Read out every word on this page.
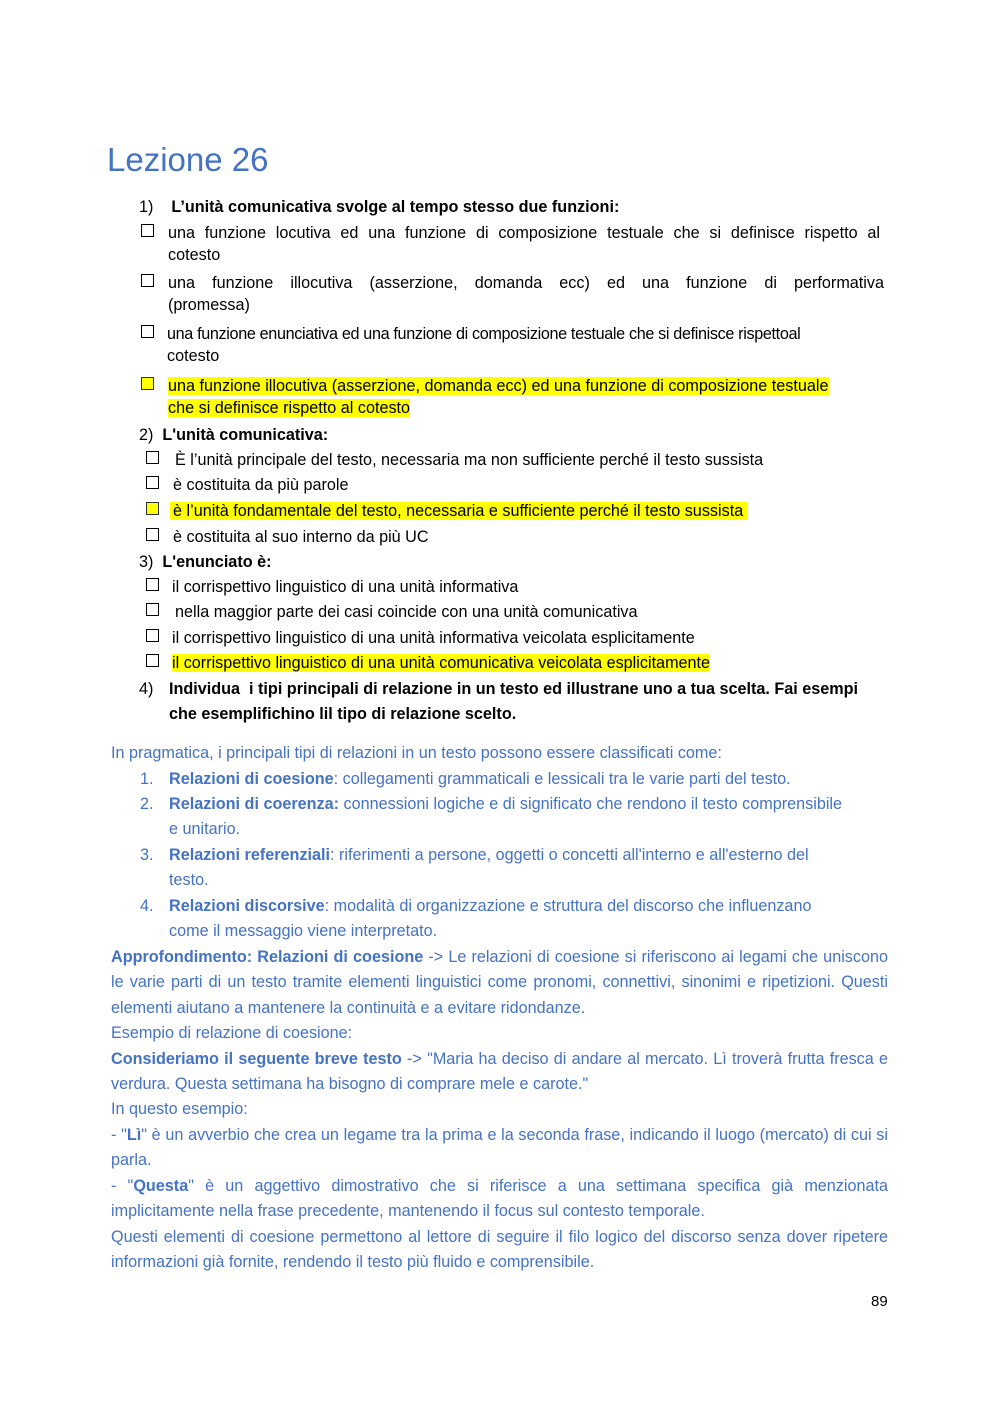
Lezione 26
1) L’unità comunicativa svolge al tempo stesso due funzioni:
una funzione locutiva ed una funzione di composizione testuale che si definisce rispetto al
cotesto
una funzione illocutiva (asserzione, domanda ecc) ed una funzione di performativa
(promessa)
una funzione enunciativa ed una funzione di composizione testuale che si definisce rispettoal
cotesto
una funzione illocutiva (asserzione, domanda ecc) ed una funzione di composizione testuale
che si definisce rispetto al cotesto
2) L'unità comunicativa:
È l’unità principale del testo, necessaria ma non sufficiente perché il testo sussista
è costituita da più parole
è l’unità fondamentale del testo, necessaria e sufficiente perché il testo sussista
è costituita al suo interno da più UC
3) L'enunciato è:
il corrispettivo linguistico di una unità informativa
nella maggior parte dei casi coincide con una unità comunicativa
il corrispettivo linguistico di una unità informativa veicolata esplicitamente
il corrispettivo linguistico di una unità comunicativa veicolata esplicitamente
4) Individua  i tipi principali di relazione in un testo ed illustrane uno a tua scelta. Fai esempi
che esemplifichino lil tipo di relazione scelto.
In pragmatica, i principali tipi di relazioni in un testo possono essere classificati come:
1. Relazioni di coesione: collegamenti grammaticali e lessicali tra le varie parti del testo.
2. Relazioni di coerenza: connessioni logiche e di significato che rendono il testo comprensibile
e unitario.
3. Relazioni referenziali: riferimenti a persone, oggetti o concetti all'interno e all'esterno del
testo.
4. Relazioni discorsive: modalità di organizzazione e struttura del discorso che influenzano
come il messaggio viene interpretato.
Approfondimento: Relazioni di coesione -> Le relazioni di coesione si riferiscono ai legami che uniscono le varie parti di un testo tramite elementi linguistici come pronomi, connettivi, sinonimi e ripetizioni. Questi elementi aiutano a mantenere la continuità e a evitare ridondanze.
Esempio di relazione di coesione:
Consideriamo il seguente breve testo -> "Maria ha deciso di andare al mercato. Lì troverà frutta fresca e verdura. Questa settimana ha bisogno di comprare mele e carote."
In questo esempio:
- "Lì" è un avverbio che crea un legame tra la prima e la seconda frase, indicando il luogo (mercato) di cui si parla.
- "Questa" è un aggettivo dimostrativo che si riferisce a una settimana specifica già menzionata implicitamente nella frase precedente, mantenendo il focus sul contesto temporale.
Questi elementi di coesione permettono al lettore di seguire il filo logico del discorso senza dover ripetere informazioni già fornite, rendendo il testo più fluido e comprensibile.
89
